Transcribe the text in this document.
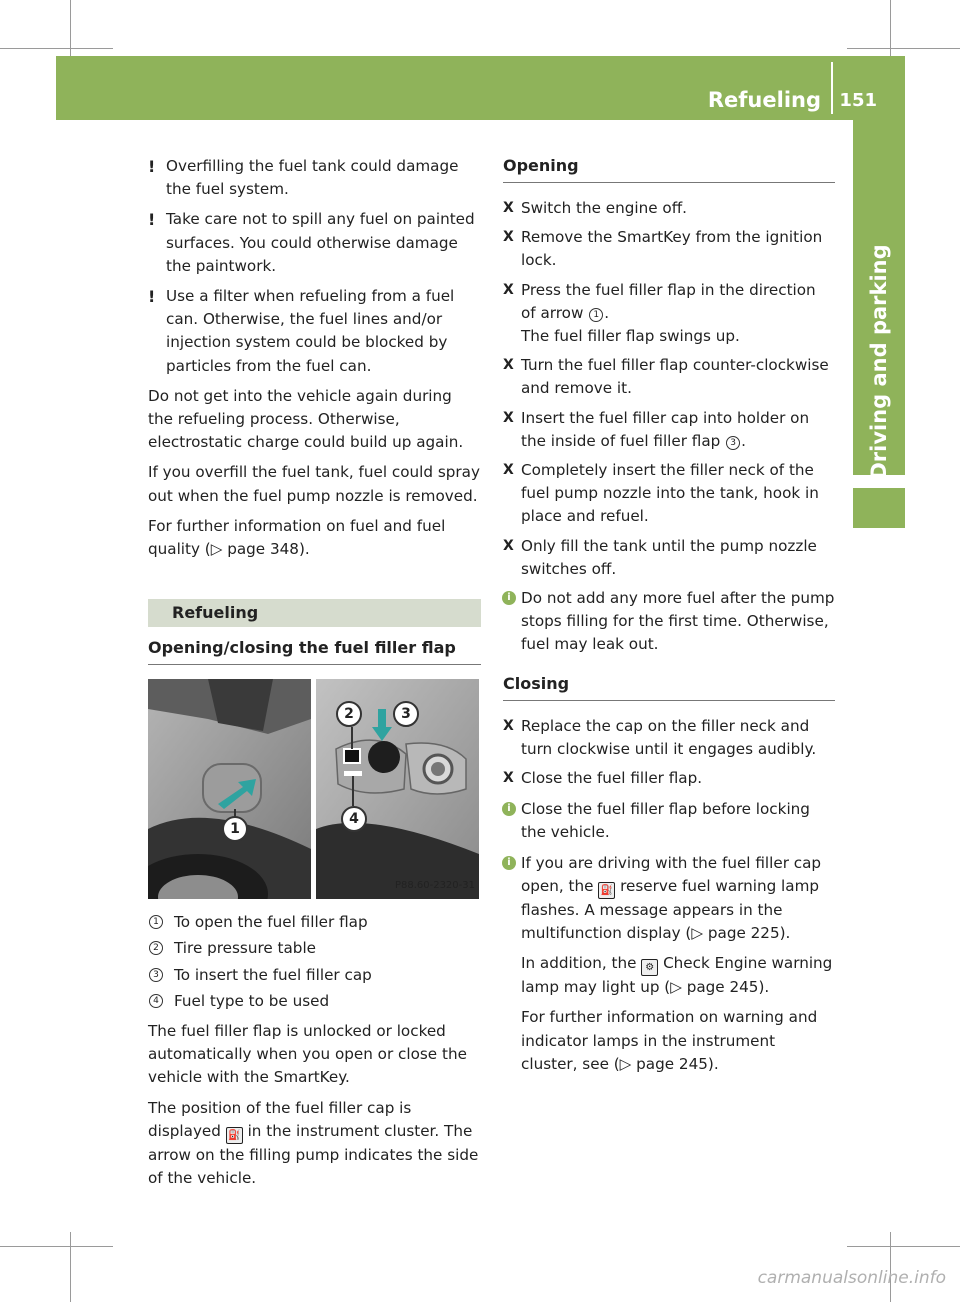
Refueling 151
Driving and parking
! Overfilling the fuel tank could damage the fuel system.
! Take care not to spill any fuel on painted surfaces. You could otherwise damage the paintwork.
! Use a filter when refueling from a fuel can. Otherwise, the fuel lines and/or injection system could be blocked by particles from the fuel can.

Do not get into the vehicle again during the refueling process. Otherwise, electrostatic charge could build up again.

If you overfill the fuel tank, fuel could spray out when the fuel pump nozzle is removed.

For further information on fuel and fuel quality (▷ page 348).

Refueling
Opening/closing the fuel filler flap
1
2	3
4
P88.60-2320-31
1 To open the fuel filler flap
2 Tire pressure table
3 To insert the fuel filler cap
4 Fuel type to be used

The fuel filler flap is unlocked or locked automatically when you open or close the vehicle with the SmartKey.

The position of the fuel filler cap is displayed ⛽ in the instrument cluster. The arrow on the filling pump indicates the side of the vehicle.

Opening
X Switch the engine off.
X Remove the SmartKey from the ignition lock.
X Press the fuel filler flap in the direction of arrow 1 .
The fuel filler flap swings up.
X Turn the fuel filler flap counter-clockwise and remove it.
X Insert the fuel filler cap into holder on the inside of fuel filler flap 3 .
X Completely insert the filler neck of the fuel pump nozzle into the tank, hook in place and refuel.
X Only fill the tank until the pump nozzle switches off.
i Do not add any more fuel after the pump stops filling for the first time. Otherwise, fuel may leak out.
Closing
X Replace the cap on the filler neck and turn clockwise until it engages audibly.
X Close the fuel filler flap.
i Close the fuel filler flap before locking the vehicle.
i If you are driving with the fuel filler cap open, the ⛽ reserve fuel warning lamp flashes. A message appears in the multifunction display (▷ page 225).
In addition, the ⚙ Check Engine warning lamp may light up (▷ page 245).
For further information on warning and indicator lamps in the instrument cluster, see (▷ page 245).
carmanualsonline.info
